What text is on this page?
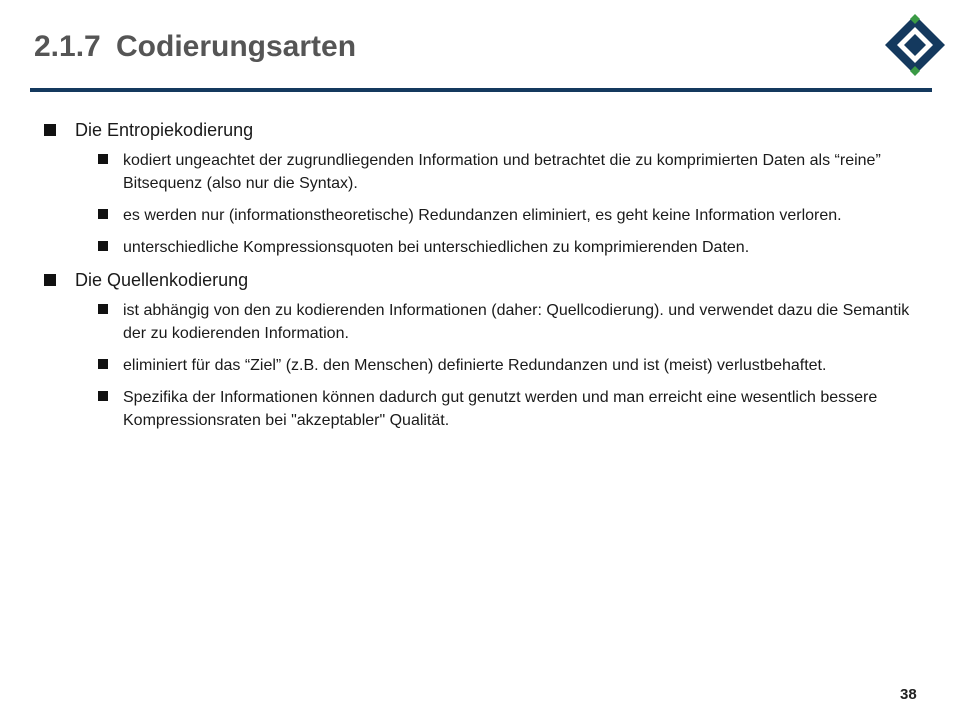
2.1.7 Codierungsarten
Die Entropiekodierung
kodiert ungeachtet der zugrundliegenden Information und betrachtet die zu komprimierten Daten als “reine” Bitsequenz (also nur die Syntax).
es werden nur (informationstheoretische) Redundanzen eliminiert, es geht keine Information verloren.
unterschiedliche Kompressionsquoten bei unterschiedlichen zu komprimierenden Daten.
Die Quellenkodierung
ist abhängig von den zu kodierenden Informationen (daher: Quellcodierung). und verwendet dazu die Semantik der zu kodierenden Information.
eliminiert für das “Ziel” (z.B. den Menschen) definierte Redundanzen und ist (meist) verlustbehaftet.
Spezifika der Informationen können dadurch gut genutzt werden und man erreicht eine wesentlich bessere Kompressionsraten bei "akzeptabler" Qualität.
38
